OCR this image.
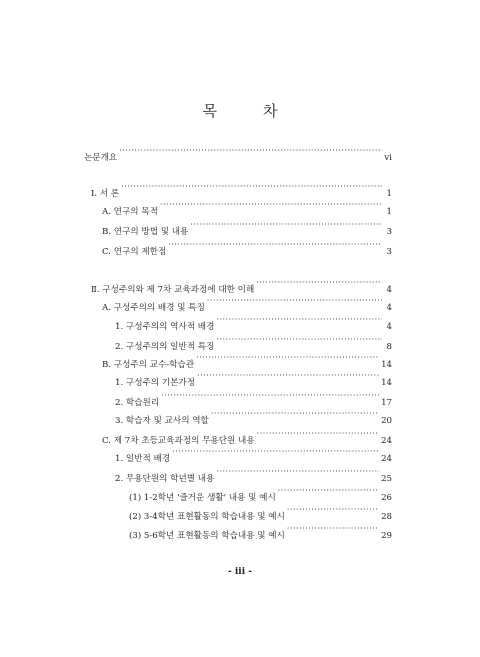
목	차
논문개요 ·····	vi
Ⅰ. 서 론 ·····	1
A. 연구의 목적 ·····	1
B. 연구의 방법 및 내용 ·····	3
C. 연구의 제한점 ·····	3
Ⅱ. 구성주의와 제 7차 교육과정에 대한 이해 ·····	4
A. 구성주의의 배경 및 특징 ·····	4
1. 구성주의의 역사적 배경 ·····	4
2. 구성주의의 일반적 특징 ·····	8
B. 구성주의 교수-학습관 ·····	14
1. 구성주의 기본가정 ·····	14
2. 학습원리 ·····	17
3. 학습자 및 교사의 역할 ·····	20
C. 제 7차 초등교육과정의 무용단원 내용 ·····	24
1. 일반적 배경 ·····	24
2. 무용단원의 학년별 내용 ·····	25
(1) 1-2학년 '즐거운 생활' 내용 및 예시 ·····	26
(2) 3-4학년 표현활동의 학습내용 및 예시 ·····	28
(3) 5-6학년 표현활동의 학습내용 및 예시 ·····	29
- iii -
